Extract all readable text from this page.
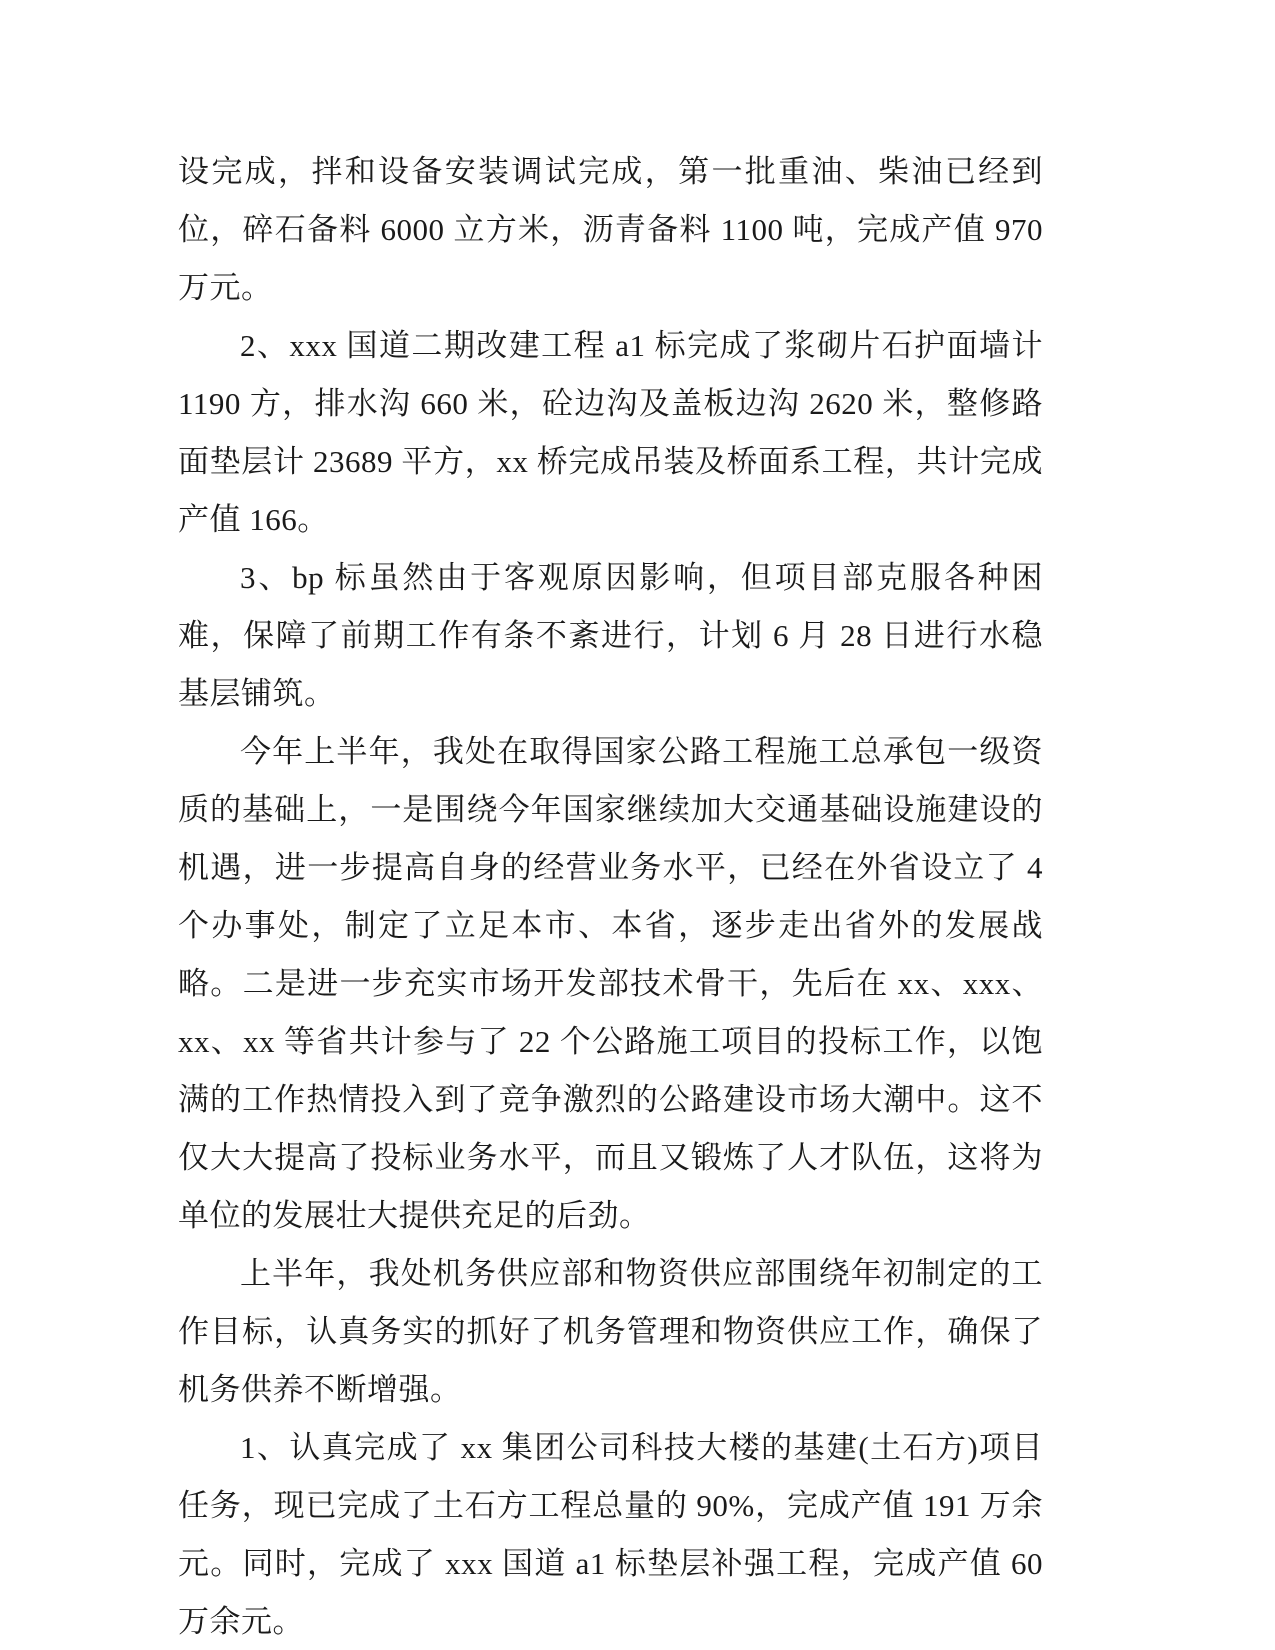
设完成，拌和设备安装调试完成，第一批重油、柴油已经到位，碎石备料 6000 立方米，沥青备料 1100 吨，完成产值 970 万元。

2、xxx 国道二期改建工程 a1 标完成了浆砌片石护面墙计 1190 方，排水沟 660 米，砼边沟及盖板边沟 2620 米，整修路面垫层计 23689 平方，xx 桥完成吊装及桥面系工程，共计完成产值 166。

3、bp 标虽然由于客观原因影响，但项目部克服各种困难，保障了前期工作有条不紊进行，计划 6 月 28 日进行水稳基层铺筑。

今年上半年，我处在取得国家公路工程施工总承包一级资质的基础上，一是围绕今年国家继续加大交通基础设施建设的机遇，进一步提高自身的经营业务水平，已经在外省设立了 4 个办事处，制定了立足本市、本省，逐步走出省外的发展战略。二是进一步充实市场开发部技术骨干，先后在 xx、xxx、xx、xx 等省共计参与了 22 个公路施工项目的投标工作，以饱满的工作热情投入到了竞争激烈的公路建设市场大潮中。这不仅大大提高了投标业务水平，而且又锻炼了人才队伍，这将为单位的发展壮大提供充足的后劲。

上半年，我处机务供应部和物资供应部围绕年初制定的工作目标，认真务实的抓好了机务管理和物资供应工作，确保了机务供养不断增强。

1、认真完成了 xx 集团公司科技大楼的基建(土石方)项目任务，现已完成了土石方工程总量的 90%，完成产值 191 万余元。同时，完成了 xxx 国道 a1 标垫层补强工程，完成产值 60 万余元。
